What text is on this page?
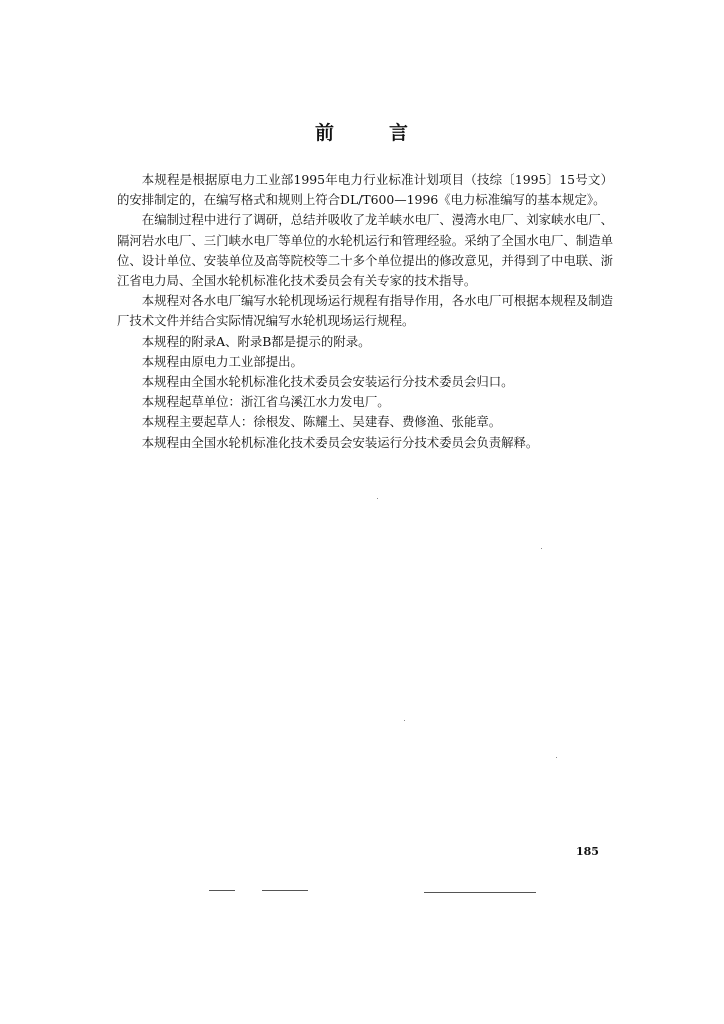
前	言

本规程是根据原电力工业部1995年电力行业标准计划项目（技综〔1995〕15号文）的安排制定的，在编写格式和规则上符合DL/T600—1996《电力标准编写的基本规定》。

在编制过程中进行了调研，总结并吸收了龙羊峡水电厂、漫湾水电厂、刘家峡水电厂、隔河岩水电厂、三门峡水电厂等单位的水轮机运行和管理经验。采纳了全国水电厂、制造单位、设计单位、安装单位及高等院校等二十多个单位提出的修改意见，并得到了中电联、浙江省电力局、全国水轮机标准化技术委员会有关专家的技术指导。

本规程对各水电厂编写水轮机现场运行规程有指导作用，各水电厂可根据本规程及制造厂技术文件并结合实际情况编写水轮机现场运行规程。

本规程的附录A、附录B都是提示的附录。

本规程由原电力工业部提出。

本规程由全国水轮机标准化技术委员会安装运行分技术委员会归口。

本规程起草单位：浙江省乌溪江水力发电厂。

本规程主要起草人：徐根发、陈耀土、吴建春、费修渔、张能章。

本规程由全国水轮机标准化技术委员会安装运行分技术委员会负责解释。

185
